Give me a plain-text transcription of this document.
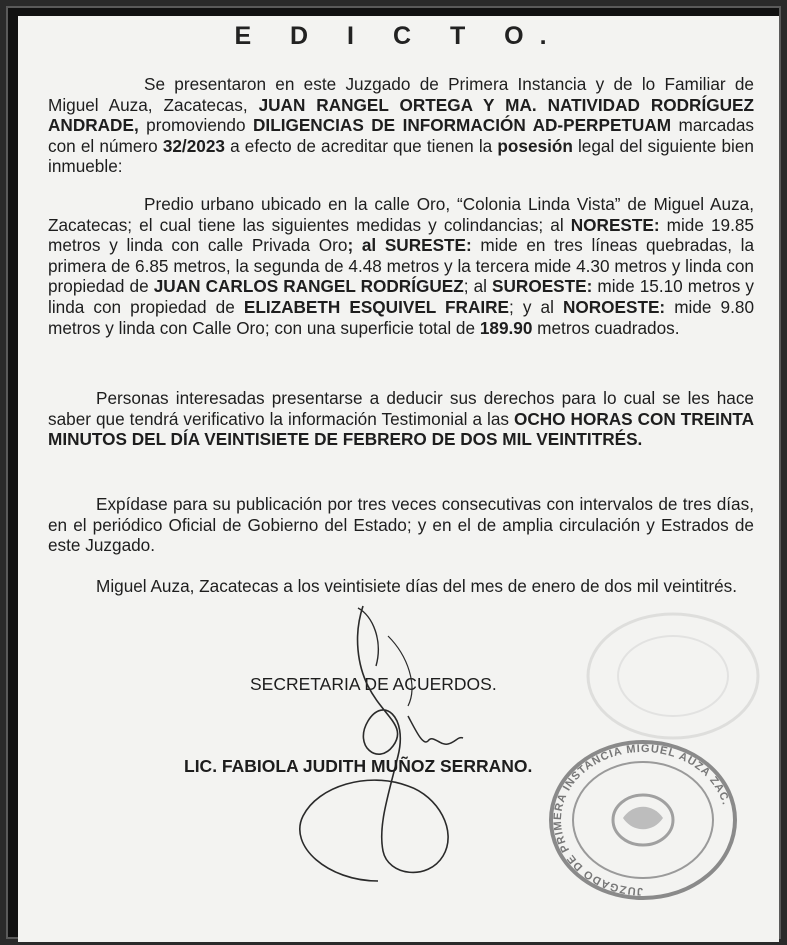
E D I C T O.

Se presentaron en este Juzgado de Primera Instancia y de lo Familiar de Miguel Auza, Zacatecas, JUAN RANGEL ORTEGA Y MA. NATIVIDAD RODRÍGUEZ ANDRADE, promoviendo DILIGENCIAS DE INFORMACIÓN AD-PERPETUAM marcadas con el número 32/2023 a efecto de acreditar que tienen la posesión legal del siguiente bien inmueble:

Predio urbano ubicado en la calle Oro, “Colonia Linda Vista” de Miguel Auza, Zacatecas; el cual tiene las siguientes medidas y colindancias; al NORESTE: mide 19.85 metros y linda con calle Privada Oro; al SURESTE: mide en tres líneas quebradas, la primera de 6.85 metros, la segunda de 4.48 metros y la tercera mide 4.30 metros y linda con propiedad de JUAN CARLOS RANGEL RODRÍGUEZ; al SUROESTE: mide 15.10 metros y linda con propiedad de ELIZABETH ESQUIVEL FRAIRE; y al NOROESTE: mide 9.80 metros y linda con Calle Oro; con una superficie total de 189.90 metros cuadrados.

Personas interesadas presentarse a deducir sus derechos para lo cual se les hace saber que tendrá verificativo la información Testimonial a las OCHO HORAS CON TREINTA MINUTOS DEL DÍA VEINTISIETE DE FEBRERO DE DOS MIL VEINTITRÉS.

Expídase para su publicación por tres veces consecutivas con intervalos de tres días, en el periódico Oficial de Gobierno del Estado; y en el de amplia circulación y Estrados de este Juzgado.

Miguel Auza, Zacatecas a los veintisiete días del mes de enero de dos mil veintitrés.

SECRETARIA DE ACUERDOS.
LIC. FABIOLA JUDITH MUÑOZ SERRANO.
JUZGADO DE PRIMERA INSTANCIA MIGUEL AUZA ZAC.
